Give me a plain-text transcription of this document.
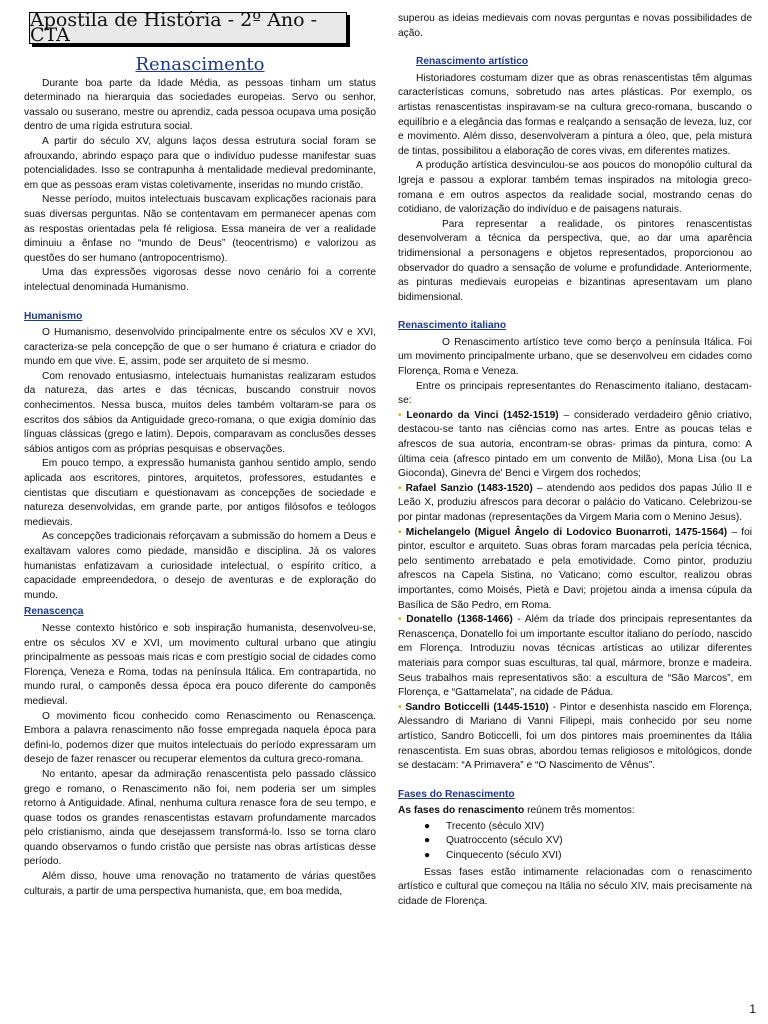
Apostila de História - 2º Ano - CTA
Renascimento

Durante boa parte da Idade Média, as pessoas tinham um status determinado na hierarquia das sociedades europeias. Servo ou senhor, vassalo ou suserano, mestre ou aprendiz, cada pessoa ocupava uma posição dentro de uma rígida estrutura social.

A partir do século XV, alguns laços dessa estrutura social foram se afrouxando, abrindo espaço para que o indivíduo pudesse manifestar suas potencialidades. Isso se contrapunha à mentalidade medieval predominante, em que as pessoas eram vistas coletivamente, inseridas no mundo cristão.

Nesse período, muitos intelectuais buscavam explicações racionais para suas diversas perguntas. Não se contentavam em permanecer apenas com as respostas orientadas pela fé religiosa. Essa maneira de ver a realidade diminuiu a ênfase no “mundo de Deus” (teocentrismo) e valorizou as questões do ser humano (antropocentrismo).

Uma das expressões vigorosas desse novo cenário foi a corrente intelectual denominada Humanismo.

Humanismo

O Humanismo, desenvolvido principalmente entre os séculos XV e XVI, caracteriza-se pela concepção de que o ser humano é criatura e criador do mundo em que vive. E, assim, pode ser arquiteto de si mesmo.

Com renovado entusiasmo, intelectuais humanistas realizaram estudos da natureza, das artes e das técnicas, buscando construir novos conhecimentos. Nessa busca, muitos deles também voltaram-se para os escritos dos sábios da Antiguidade greco-romana, o que exigia domínio das línguas clássicas (grego e latim). Depois, comparavam as conclusões desses sábios antigos com as próprias pesquisas e observações.

Em pouco tempo, a expressão humanista ganhou sentido amplo, sendo aplicada aos escritores, pintores, arquitetos, professores, estudantes e cientistas que discutiam e questionavam as concepções de sociedade e natureza desenvolvidas, em grande parte, por antigos filósofos e teólogos medievais.

As concepções tradicionais reforçavam a submissão do homem a Deus e exaltavam valores como piedade, mansidão e disciplina. Já os valores humanistas enfatizavam a curiosidade intelectual, o espírito crítico, a capacidade empreendedora, o desejo de aventuras e de exploração do mundo.

Renascença

Nesse contexto histórico e sob inspiração humanista, desenvolveu-se, entre os séculos XV e XVI, um movimento cultural urbano que atingiu principalmente as pessoas mais ricas e com prestígio social de cidades como Florença, Veneza e Roma, todas na península Itálica. Em contrapartida, no mundo rural, o camponês dessa época era pouco diferente do camponês medieval.

O movimento ficou conhecido como Renascimento ou Renascença. Embora a palavra renascimento não fosse empregada naquela época para defini-lo, podemos dizer que muitos intelectuais do período expressaram um desejo de fazer renascer ou recuperar elementos da cultura greco-romana.

No entanto, apesar da admiração renascentista pelo passado clássico grego e romano, o Renascimento não foi, nem poderia ser um simples retorno à Antiguidade. Afinal, nenhuma cultura renasce fora de seu tempo, e quase todos os grandes renascentistas estavam profundamente marcados pelo cristianismo, ainda que desejassem transformá-lo. Isso se torna claro quando observamos o fundo cristão que persiste nas obras artísticas desse período.

Além disso, houve uma renovação no tratamento de várias questões culturais, a partir de uma perspectiva humanista, que, em boa medida,

superou as ideias medievais com novas perguntas e novas possibilidades de ação.

Renascimento artístico

Historiadores costumam dizer que as obras renascentistas têm algumas características comuns, sobretudo nas artes plásticas. Por exemplo, os artistas renascentistas inspiravam-se na cultura greco-romana, buscando o equilíbrio e a elegância das formas e realçando a sensação de leveza, luz, cor e movimento. Além disso, desenvolveram a pintura a óleo, que, pela mistura de tintas, possibilitou a elaboração de cores vivas, em diferentes matizes.

A produção artística desvinculou-se aos poucos do monopólio cultural da Igreja e passou a explorar também temas inspirados na mitologia greco-romana e em outros aspectos da realidade social, mostrando cenas do cotidiano, de valorização do indivíduo e de paisagens naturais.

Para representar a realidade, os pintores renascentistas desenvolveram a técnica da perspectiva, que, ao dar uma aparência tridimensional a personagens e objetos representados, proporcionou ao observador do quadro a sensação de volume e profundidade. Anteriormente, as pinturas medievais europeias e bizantinas apresentavam um plano bidimensional.

Renascimento italiano

O Renascimento artístico teve como berço a península Itálica. Foi um movimento principalmente urbano, que se desenvolveu em cidades como Florença, Roma e Veneza.

Entre os principais representantes do Renascimento italiano, destacam-se:

• Leonardo da Vinci (1452-1519) – considerado verdadeiro gênio criativo, destacou-se tanto nas ciências como nas artes. Entre as poucas telas e afrescos de sua autoria, encontram-se obras- primas da pintura, como: A última ceia (afresco pintado em um convento de Milão), Mona Lisa (ou La Gioconda), Ginevra de' Benci e Virgem dos rochedos;

• Rafael Sanzio (1483-1520) – atendendo aos pedidos dos papas Júlio II e Leão X, produziu afrescos para decorar o palácio do Vaticano. Celebrizou-se por pintar madonas (representações da Virgem Maria com o Menino Jesus).

• Michelangelo (Miguel Ângelo di Lodovico Buonarroti, 1475-1564) – foi pintor, escultor e arquiteto. Suas obras foram marcadas pela perícia técnica, pelo sentimento arrebatado e pela emotividade. Como pintor, produziu afrescos na Capela Sistina, no Vaticano; como escultor, realizou obras importantes, como Moisés, Pietà e Davi; projetou ainda a imensa cúpula da Basílica de São Pedro, em Roma.

• Donatello (1368-1466) - Além da tríade dos principais representantes da Renascença, Donatello foi um importante escultor italiano do período, nascido em Florença. Introduziu novas técnicas artísticas ao utilizar diferentes materiais para compor suas esculturas, tal qual, mármore, bronze e madeira. Seus trabalhos mais representativos são: a escultura de “São Marcos”, em Florença, e “Gattamelata”, na cidade de Pádua.

• Sandro Boticcelli (1445-1510) - Pintor e desenhista nascido em Florença, Alessandro di Mariano di Vanni Filipepi, mais conhecido por seu nome artístico, Sandro Boticcelli, foi um dos pintores mais proeminentes da Itália renascentista. Em suas obras, abordou temas religiosos e mitológicos, donde se destacam: “A Primavera” e “O Nascimento de Vênus”.

Fases do Renascimento

As fases do renascimento reúnem três momentos:

● Trecento (século XIV)
● Quatroccento (século XV)
● Cinquecento (século XVI)

Essas fases estão intimamente relacionadas com o renascimento artístico e cultural que começou na Itália no século XIV, mais precisamente na cidade de Florença.

1
